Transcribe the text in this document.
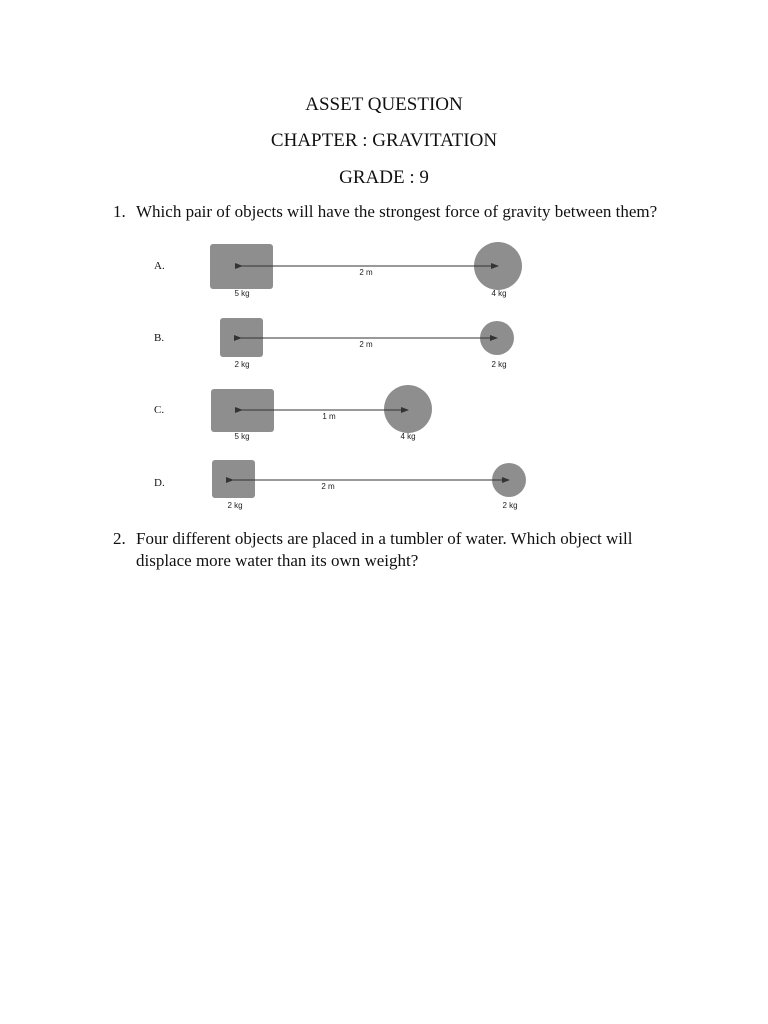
ASSET QUESTION
CHAPTER : GRAVITATION
GRADE : 9
1. Which pair of objects will have the strongest force of gravity between them?
A.
2 m
5 kg	4 kg
B.
2 m
2 kg	2 kg
C.
1 m
5 kg	4 kg
D.	2 m
2 kg	2 kg
2. Four different objects are placed in a tumbler of water. Which object will displace more water than its own weight?
